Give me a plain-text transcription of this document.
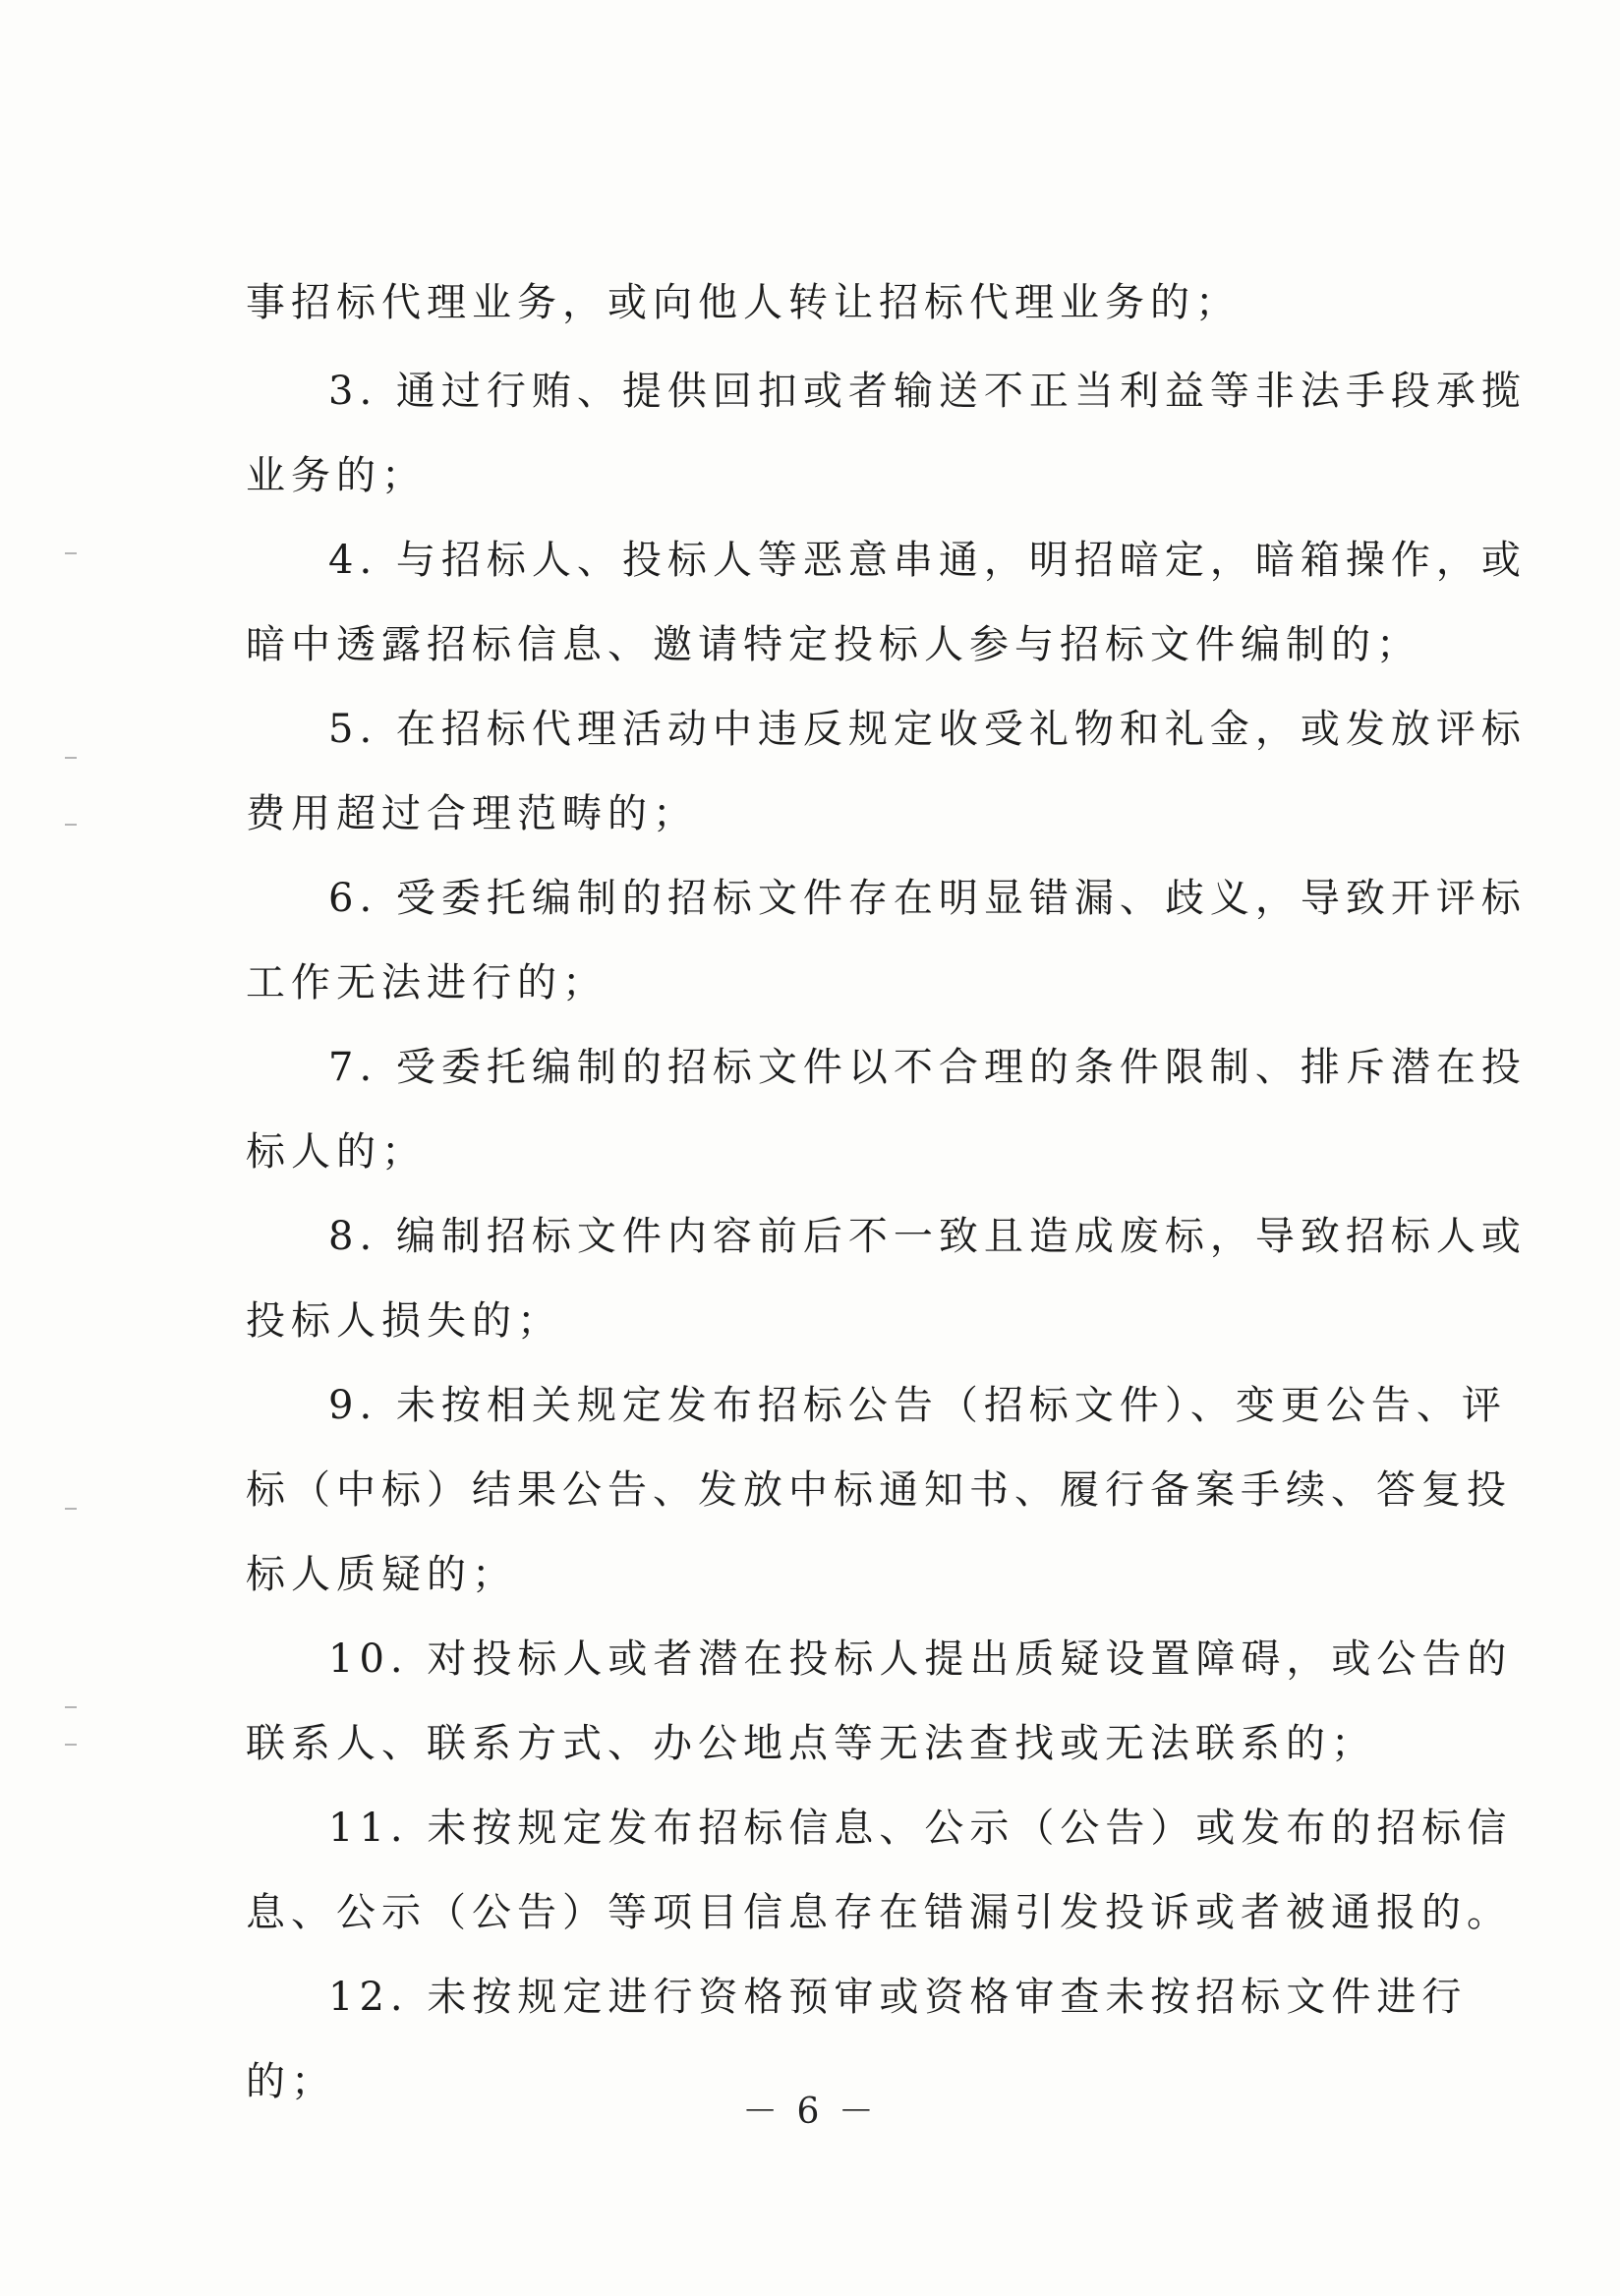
事招标代理业务，或向他人转让招标代理业务的；
3. 通过行贿、提供回扣或者输送不正当利益等非法手段承揽
业务的；
4. 与招标人、投标人等恶意串通，明招暗定，暗箱操作，或
暗中透露招标信息、邀请特定投标人参与招标文件编制的；
5. 在招标代理活动中违反规定收受礼物和礼金，或发放评标
费用超过合理范畴的；
6. 受委托编制的招标文件存在明显错漏、歧义，导致开评标
工作无法进行的；
7. 受委托编制的招标文件以不合理的条件限制、排斥潜在投
标人的；
8. 编制招标文件内容前后不一致且造成废标，导致招标人或
投标人损失的；
9. 未按相关规定发布招标公告（招标文件）、变更公告、评
标（中标）结果公告、发放中标通知书、履行备案手续、答复投
标人质疑的；
10. 对投标人或者潜在投标人提出质疑设置障碍，或公告的
联系人、联系方式、办公地点等无法查找或无法联系的；
11. 未按规定发布招标信息、公示（公告）或发布的招标信
息、公示（公告）等项目信息存在错漏引发投诉或者被通报的。
12. 未按规定进行资格预审或资格审查未按招标文件进行
的；
－ 6 －
